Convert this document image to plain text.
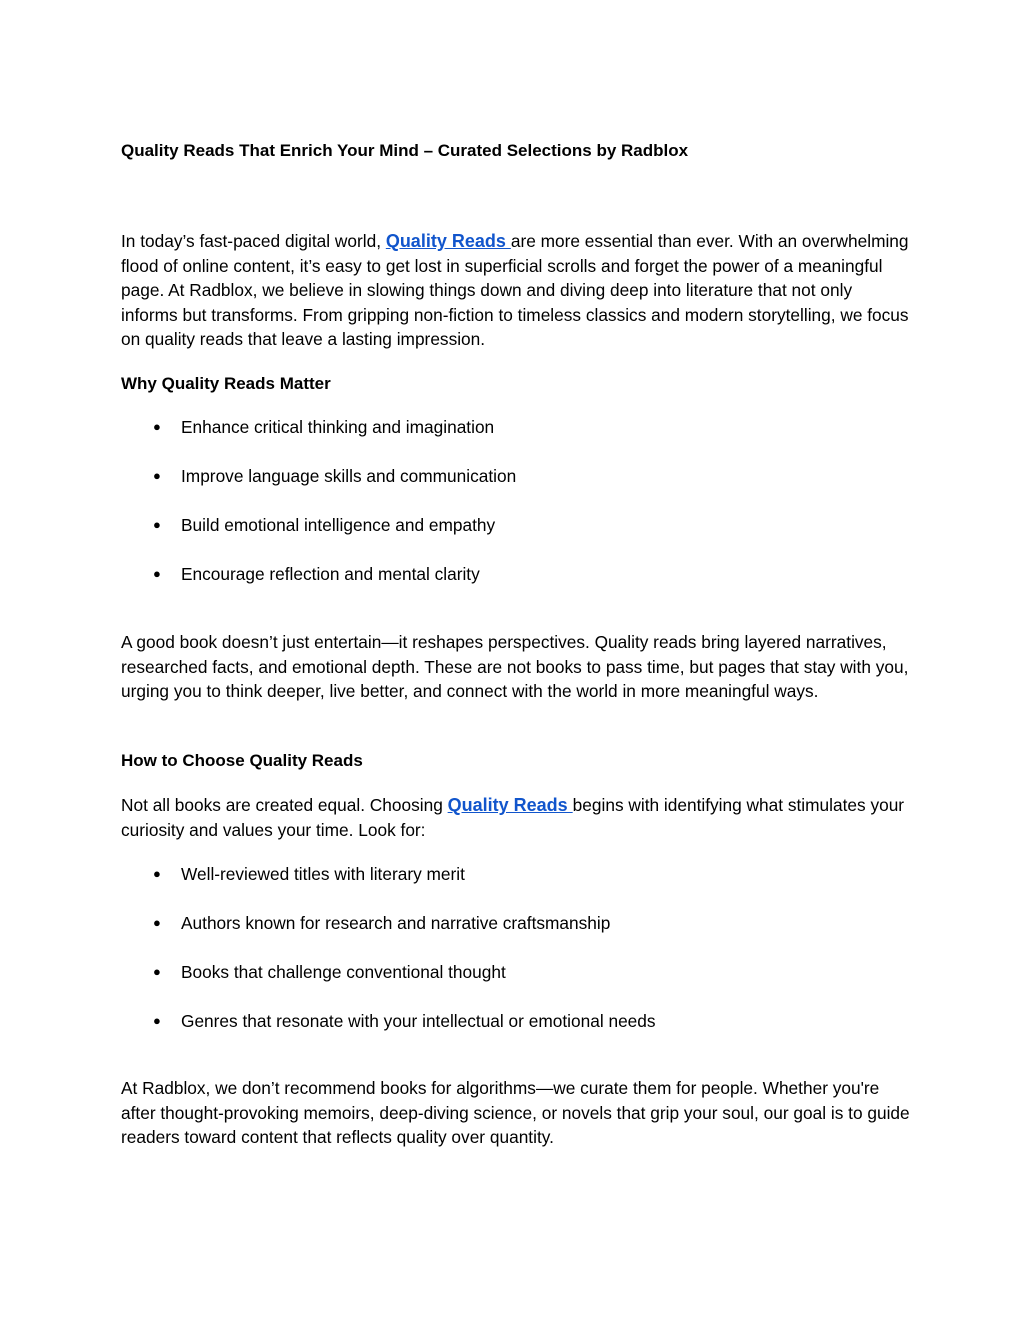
Quality Reads That Enrich Your Mind – Curated Selections by Radblox

In today’s fast-paced digital world, Quality Reads are more essential than ever. With an overwhelming flood of online content, it’s easy to get lost in superficial scrolls and forget the power of a meaningful page. At Radblox, we believe in slowing things down and diving deep into literature that not only informs but transforms. From gripping non-fiction to timeless classics and modern storytelling, we focus on quality reads that leave a lasting impression.

Why Quality Reads Matter
● Enhance critical thinking and imagination
● Improve language skills and communication
● Build emotional intelligence and empathy
● Encourage reflection and mental clarity

A good book doesn’t just entertain—it reshapes perspectives. Quality reads bring layered narratives, researched facts, and emotional depth. These are not books to pass time, but pages that stay with you, urging you to think deeper, live better, and connect with the world in more meaningful ways.

How to Choose Quality Reads

Not all books are created equal. Choosing Quality Reads begins with identifying what stimulates your curiosity and values your time. Look for:

● Well-reviewed titles with literary merit
● Authors known for research and narrative craftsmanship
● Books that challenge conventional thought
● Genres that resonate with your intellectual or emotional needs

At Radblox, we don’t recommend books for algorithms—we curate them for people. Whether you're after thought-provoking memoirs, deep-diving science, or novels that grip your soul, our goal is to guide readers toward content that reflects quality over quantity.
